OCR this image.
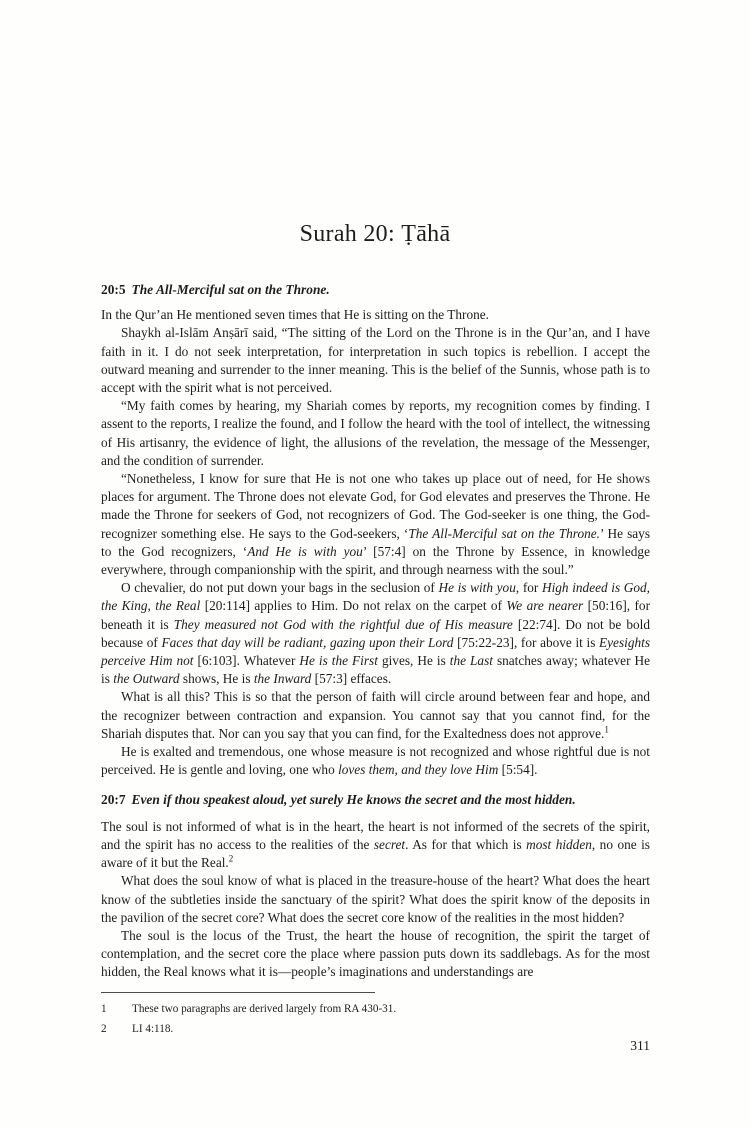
Surah 20: Ṭāhā
20:5 The All-Merciful sat on the Throne.

In the Qur’an He mentioned seven times that He is sitting on the Throne.

Shaykh al-Islām Anṣārī said, “The sitting of the Lord on the Throne is in the Qur’an, and I have faith in it. I do not seek interpretation, for interpretation in such topics is rebellion. I accept the outward meaning and surrender to the inner meaning. This is the belief of the Sunnis, whose path is to accept with the spirit what is not perceived.

“My faith comes by hearing, my Shariah comes by reports, my recognition comes by finding. I assent to the reports, I realize the found, and I follow the heard with the tool of intellect, the witnessing of His artisanry, the evidence of light, the allusions of the revelation, the message of the Messenger, and the condition of surrender.

“Nonetheless, I know for sure that He is not one who takes up place out of need, for He shows places for argument. The Throne does not elevate God, for God elevates and preserves the Throne. He made the Throne for seekers of God, not recognizers of God. The God-seeker is one thing, the God-recognizer something else. He says to the God-seekers, ‘The All-Merciful sat on the Throne.’ He says to the God recognizers, ‘And He is with you’ [57:4] on the Throne by Essence, in knowledge everywhere, through companionship with the spirit, and through nearness with the soul.”

O chevalier, do not put down your bags in the seclusion of He is with you, for High indeed is God, the King, the Real [20:114] applies to Him. Do not relax on the carpet of We are nearer [50:16], for beneath it is They measured not God with the rightful due of His measure [22:74]. Do not be bold because of Faces that day will be radiant, gazing upon their Lord [75:22-23], for above it is Eyesights perceive Him not [6:103]. Whatever He is the First gives, He is the Last snatches away; whatever He is the Outward shows, He is the Inward [57:3] effaces.

What is all this? This is so that the person of faith will circle around between fear and hope, and the recognizer between contraction and expansion. You cannot say that you cannot find, for the Shariah disputes that. Nor can you say that you can find, for the Exaltedness does not approve.$^1$

He is exalted and tremendous, one whose measure is not recognized and whose rightful due is not perceived. He is gentle and loving, one who loves them, and they love Him [5:54].

20:7 Even if thou speakest aloud, yet surely He knows the secret and the most hidden.

The soul is not informed of what is in the heart, the heart is not informed of the secrets of the spirit, and the spirit has no access to the realities of the secret. As for that which is most hidden, no one is aware of it but the Real.$^2$

What does the soul know of what is placed in the treasure-house of the heart? What does the heart know of the subtleties inside the sanctuary of the spirit? What does the spirit know of the deposits in the pavilion of the secret core? What does the secret core know of the realities in the most hidden?

The soul is the locus of the Trust, the heart the house of recognition, the spirit the target of contemplation, and the secret core the place where passion puts down its saddlebags. As for the most hidden, the Real knows what it is—people’s imaginations and understandings are

1	These two paragraphs are derived largely from RA 430-31.
2	LI 4:118.
311
